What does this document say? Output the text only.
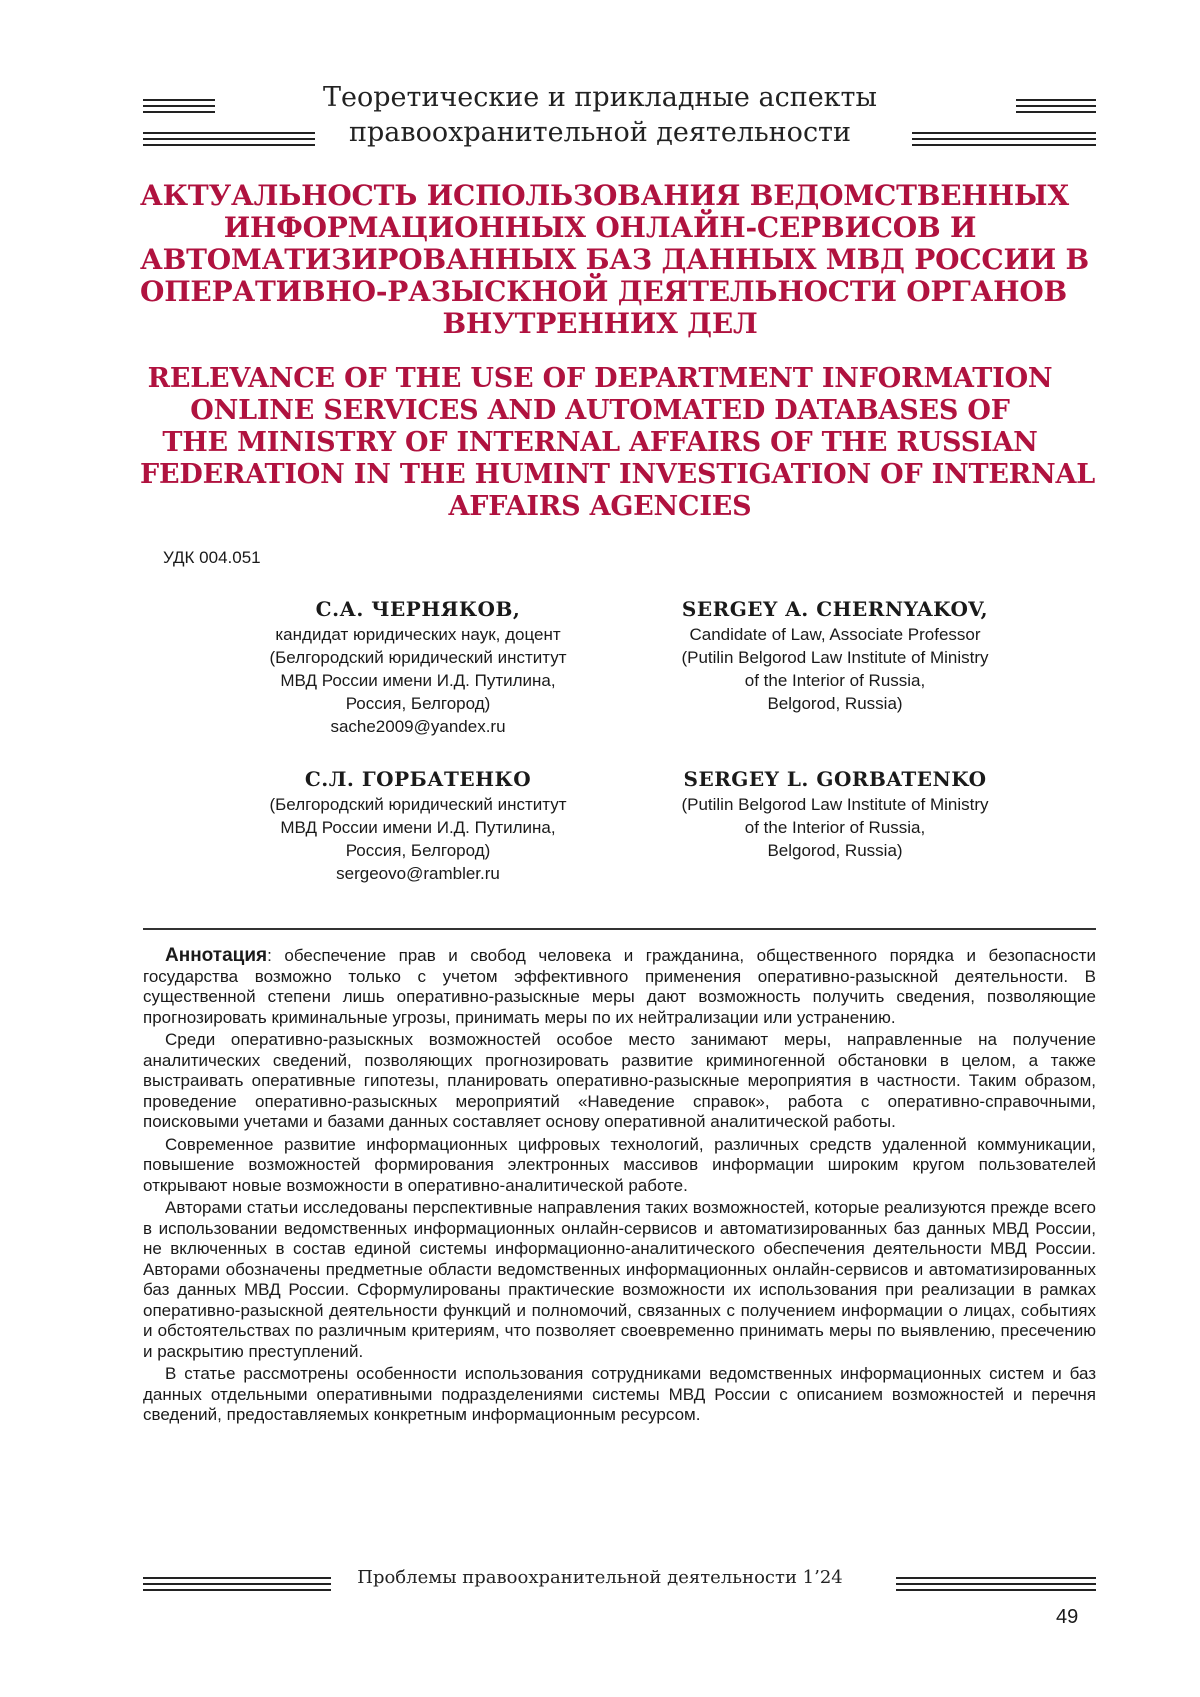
Теоретические и прикладные аспекты
правоохранительной деятельности
АКТУАЛЬНОСТЬ ИСПОЛЬЗОВАНИЯ ВЕДОМСТВЕННЫХ
ИНФОРМАЦИОННЫХ ОНЛАЙН-СЕРВИСОВ И
АВТОМАТИЗИРОВАННЫХ БАЗ ДАННЫХ МВД РОССИИ В
ОПЕРАТИВНО-РАЗЫСКНОЙ ДЕЯТЕЛЬНОСТИ ОРГАНОВ
ВНУТРЕННИХ ДЕЛ
RELEVANCE OF THE USE OF DEPARTMENT INFORMATION
ONLINE SERVICES AND AUTOMATED DATABASES OF
THE MINISTRY OF INTERNAL AFFAIRS OF THE RUSSIAN
FEDERATION IN THE HUMINT INVESTIGATION OF INTERNAL
AFFAIRS AGENCIES
УДК 004.051
С.А. ЧЕРНЯКОВ,
кандидат юридических наук, доцент
(Белгородский юридический институт
МВД России имени И.Д. Путилина,
Россия, Белгород)
sache2009@yandex.ru
SERGEY A. CHERNYAKOV,
Candidate of Law, Associate Professor
(Putilin Belgorod Law Institute of Ministry
of the Interior of Russia,
Belgorod, Russia)
С.Л. ГОРБАТЕНКО
(Белгородский юридический институт
МВД России имени И.Д. Путилина,
Россия, Белгород)
sergeovo@rambler.ru
SERGEY L. GORBATENKO
(Putilin Belgorod Law Institute of Ministry
of the Interior of Russia,
Belgorod, Russia)

Аннотация: обеспечение прав и свобод человека и гражданина, общественного порядка и безопасности государства возможно только с учетом эффективного применения оперативно-разыскной деятельности. В существенной степени лишь оперативно-разыскные меры дают возможность получить сведения, позволяющие прогнозировать криминальные угрозы, принимать меры по их нейтрализации или устранению.

Среди оперативно-разыскных возможностей особое место занимают меры, направленные на получение аналитических сведений, позволяющих прогнозировать развитие криминогенной обстановки в целом, а также выстраивать оперативные гипотезы, планировать оперативно-разыскные мероприятия в частности. Таким образом, проведение оперативно-разыскных мероприятий «Наведение справок», работа с оперативно-справочными, поисковыми учетами и базами данных составляет основу оперативной аналитической работы.

Современное развитие информационных цифровых технологий, различных средств удаленной коммуникации, повышение возможностей формирования электронных массивов информации широким кругом пользователей открывают новые возможности в оперативно-аналитической работе.

Авторами статьи исследованы перспективные направления таких возможностей, которые реализуются прежде всего в использовании ведомственных информационных онлайн-сервисов и автоматизированных баз данных МВД России, не включенных в состав единой системы информационно-аналитического обеспечения деятельности МВД России. Авторами обозначены предметные области ведомственных информационных онлайн-сервисов и автоматизированных баз данных МВД России. Сформулированы практические возможности их использования при реализации в рамках оперативно-разыскной деятельности функций и полномочий, связанных с получением информации о лицах, событиях и обстоятельствах по различным критериям, что позволяет своевременно принимать меры по выявлению, пресечению и раскрытию преступлений.

В статье рассмотрены особенности использования сотрудниками ведомственных информационных систем и баз данных отдельными оперативными подразделениями системы МВД России с описанием возможностей и перечня сведений, предоставляемых конкретным информационным ресурсом.

Проблемы правоохранительной деятельности 1’24
49
